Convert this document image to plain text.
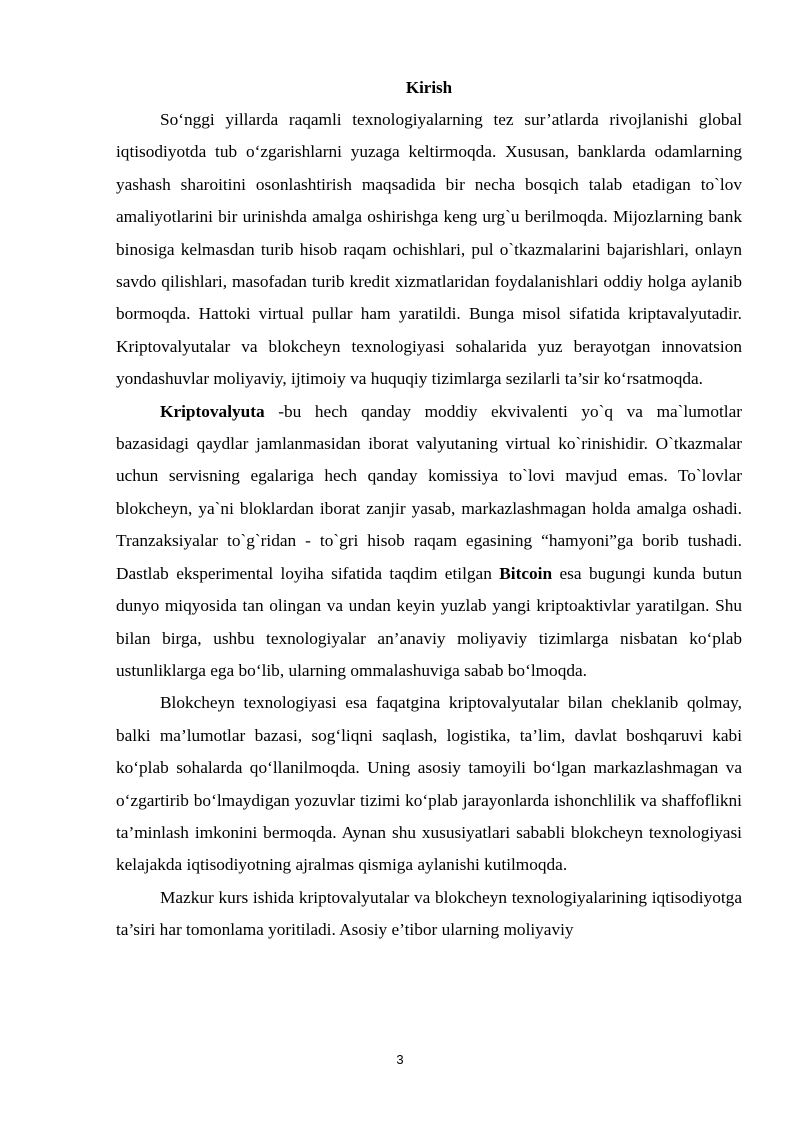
Kirish

So‘nggi yillarda raqamli texnologiyalarning tez sur’atlarda rivojlanishi global iqtisodiyotda tub o‘zgarishlarni yuzaga keltirmoqda. Xususan, banklarda odamlarning yashash sharoitini osonlashtirish maqsadida bir necha bosqich talab etadigan to`lov amaliyotlarini bir urinishda amalga oshirishga keng urg`u berilmoqda. Mijozlarning bank binosiga kelmasdan turib hisob raqam ochishlari, pul o`tkazmalarini bajarishlari, onlayn savdo qilishlari, masofadan turib kredit xizmatlaridan foydalanishlari oddiy holga aylanib bormoqda. Hattoki virtual pullar ham yaratildi. Bunga misol sifatida kriptavalyutadir. Kriptovalyutalar va blokcheyn texnologiyasi sohalarida yuz berayotgan innovatsion yondashuvlar moliyaviy, ijtimoiy va huquqiy tizimlarga sezilarli ta’sir ko‘rsatmoqda.

Kriptovalyuta -bu hech qanday moddiy ekvivalenti yo`q va ma`lumotlar bazasidagi qaydlar jamlanmasidan iborat valyutaning virtual ko`rinishidir. O`tkazmalar uchun servisning egalariga hech qanday komissiya to`lovi mavjud emas. To`lovlar blokcheyn, ya`ni bloklardan iborat zanjir yasab, markazlashmagan holda amalga oshadi. Tranzaksiyalar to`g`ridan - to`gri hisob raqam egasining “hamyoni”ga borib tushadi. Dastlab eksperimental loyiha sifatida taqdim etilgan Bitcoin esa bugungi kunda butun dunyo miqyosida tan olingan va undan keyin yuzlab yangi kriptoaktivlar yaratilgan. Shu bilan birga, ushbu texnologiyalar an’anaviy moliyaviy tizimlarga nisbatan ko‘plab ustunliklarga ega bo‘lib, ularning ommalashuviga sabab bo‘lmoqda.

Blokcheyn texnologiyasi esa faqatgina kriptovalyutalar bilan cheklanib qolmay, balki ma’lumotlar bazasi, sog‘liqni saqlash, logistika, ta’lim, davlat boshqaruvi kabi ko‘plab sohalarda qo‘llanilmoqda. Uning asosiy tamoyili bo‘lgan markazlashmagan va o‘zgartirib bo‘lmaydigan yozuvlar tizimi ko‘plab jarayonlarda ishonchlilik va shaffoflikni ta’minlash imkonini bermoqda. Aynan shu xususiyatlari sababli blokcheyn texnologiyasi kelajakda iqtisodiyotning ajralmas qismiga aylanishi kutilmoqda.

Mazkur kurs ishida kriptovalyutalar va blokcheyn texnologiyalarining iqtisodiyotga ta’siri har tomonlama yoritiladi. Asosiy e’tibor ularning moliyaviy

3
